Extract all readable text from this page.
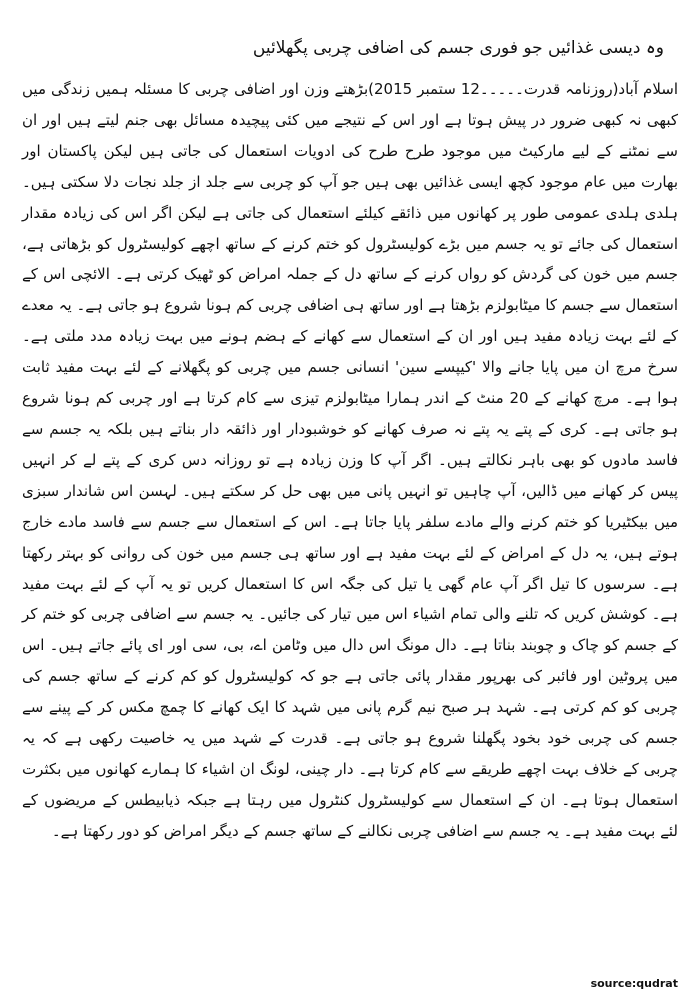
وہ دیسی غذائیں جو فوری جسم کی اضافی چربی پگھلائیں

اسلام آباد(روزنامہ قدرت۔۔۔۔۔12 ستمبر 2015)بڑھتے وزن اور اضافی چربی کا مسئلہ ہمیں زندگی میں کبھی نہ کبھی ضرور در پیش ہوتا ہے اور اس کے نتیجے میں کئی پیچیدہ مسائل بھی جنم لیتے ہیں اور ان سے نمٹنے کے لیے مارکیٹ میں موجود طرح طرح کی ادویات استعمال کی جاتی ہیں لیکن پاکستان اور بھارت میں عام موجود کچھ ایسی غذائیں بھی ہیں جو آپ کو چربی سے جلد از جلد نجات دلا سکتی ہیں۔ ہلدی ہلدی عمومی طور پر کھانوں میں ذائقے کیلئے استعمال کی جاتی ہے لیکن اگر اس کی زیادہ مقدار استعمال کی جائے تو یہ جسم میں بڑے کولیسٹرول کو ختم کرنے کے ساتھ اچھے کولیسٹرول کو بڑھاتی ہے، جسم میں خون کی گردش کو رواں کرنے کے ساتھ دل کے جملہ امراض کو ٹھیک کرتی ہے۔ الائچی اس کے استعمال سے جسم کا میٹابولزم بڑھتا ہے اور ساتھ ہی اضافی چربی کم ہونا شروع ہو جاتی ہے۔ یہ معدے کے لئے بہت زیادہ مفید ہیں اور ان کے استعمال سے کھانے کے ہضم ہونے میں بہت زیادہ مدد ملتی ہے۔ سرخ مرچ ان میں پایا جانے والا 'کیپسے سین' انسانی جسم میں چربی کو پگھلانے کے لئے بہت مفید ثابت ہوا ہے۔ مرچ کھانے کے 20 منٹ کے اندر ہمارا میٹابولزم تیزی سے کام کرتا ہے اور چربی کم ہونا شروع ہو جاتی ہے۔ کری کے پتے یہ پتے نہ صرف کھانے کو خوشبودار اور ذائقہ دار بناتے ہیں بلکہ یہ جسم سے فاسد مادوں کو بھی باہر نکالتے ہیں۔ اگر آپ کا وزن زیادہ ہے تو روزانہ دس کری کے پتے لے کر انہیں پیس کر کھانے میں ڈالیں، آپ چاہیں تو انہیں پانی میں بھی حل کر سکتے ہیں۔ لہسن اس شاندار سبزی میں بیکٹیریا کو ختم کرنے والے مادے سلفر پایا جاتا ہے۔ اس کے استعمال سے جسم سے فاسد مادے خارج ہوتے ہیں، یہ دل کے امراض کے لئے بہت مفید ہے اور ساتھ ہی جسم میں خون کی روانی کو بہتر رکھتا ہے۔ سرسوں کا تیل اگر آپ عام گھی یا تیل کی جگہ اس کا استعمال کریں تو یہ آپ کے لئے بہت مفید ہے۔ کوشش کریں کہ تلنے والی تمام اشیاء اس میں تیار کی جائیں۔ یہ جسم سے اضافی چربی کو ختم کر کے جسم کو چاک و چوبند بناتا ہے۔ دال مونگ اس دال میں وٹامن اے، بی، سی اور ای پائے جاتے ہیں۔ اس میں پروٹین اور فائبر کی بھرپور مقدار پائی جاتی ہے جو کہ کولیسٹرول کو کم کرنے کے ساتھ جسم کی چربی کو کم کرتی ہے۔ شہد ہر صبح نیم گرم پانی میں شہد کا ایک کھانے کا چمچ مکس کر کے پینے سے جسم کی چربی خود بخود پگھلنا شروع ہو جاتی ہے۔ قدرت کے شہد میں یہ خاصیت رکھی ہے کہ یہ چربی کے خلاف بہت اچھے طریقے سے کام کرتا ہے۔ دار چینی، لونگ ان اشیاء کا ہمارے کھانوں میں بکثرت استعمال ہوتا ہے۔ ان کے استعمال سے کولیسٹرول کنٹرول میں رہتا ہے جبکہ ذیابیطس کے مریضوں کے لئے بہت مفید ہے۔ یہ جسم سے اضافی چربی نکالنے کے ساتھ جسم کے دیگر امراض کو دور رکھتا ہے۔

source:qudrat
